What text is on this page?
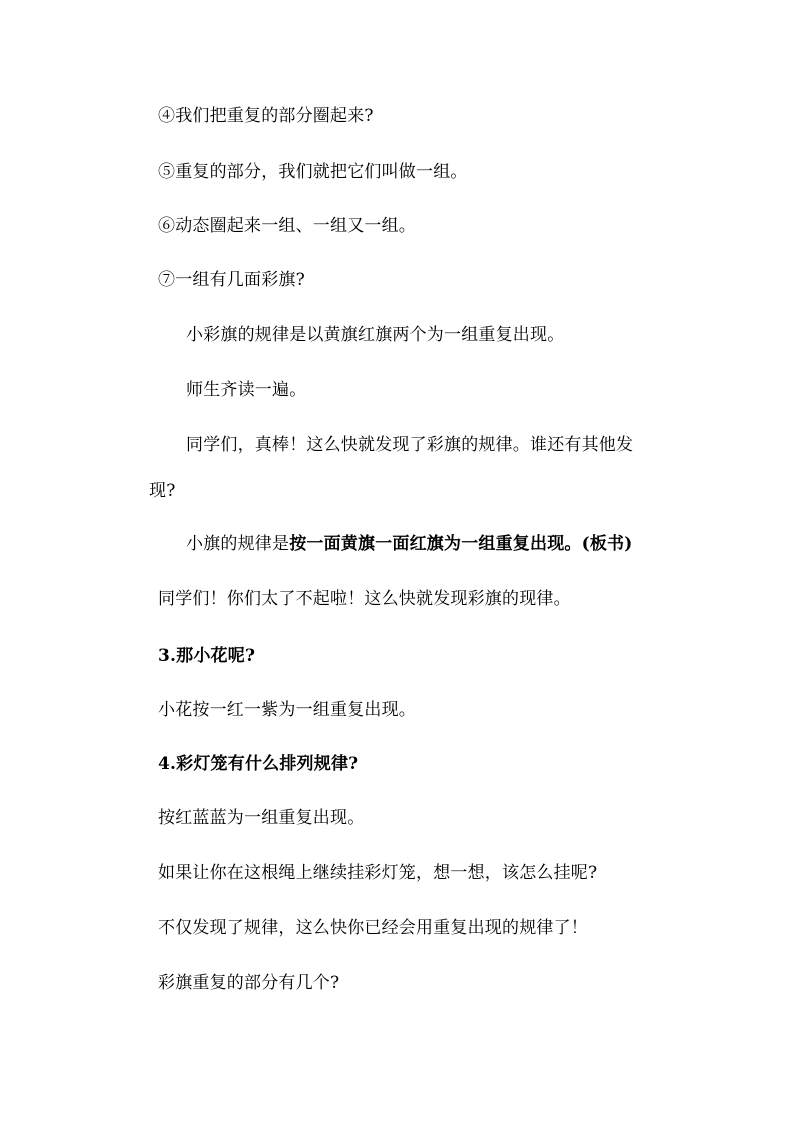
④我们把重复的部分圈起来?
⑤重复的部分，我们就把它们叫做一组。
⑥动态圈起来一组、一组又一组。
⑦一组有几面彩旗?
小彩旗的规律是以黄旗红旗两个为一组重复出现。
师生齐读一遍。
同学们，真棒！这么快就发现了彩旗的规律。谁还有其他发
现?
小旗的规律是按一面黄旗一面红旗为一组重复出现。(板书)
同学们！你们太了不起啦！这么快就发现彩旗的现律。
3.那小花呢?
小花按一红一紫为一组重复出现。
4.彩灯笼有什么排列规律?
按红蓝蓝为一组重复出现。
如果让你在这根绳上继续挂彩灯笼，想一想，该怎么挂呢?
不仅发现了规律，这么快你已经会用重复出现的规律了！
彩旗重复的部分有几个?
